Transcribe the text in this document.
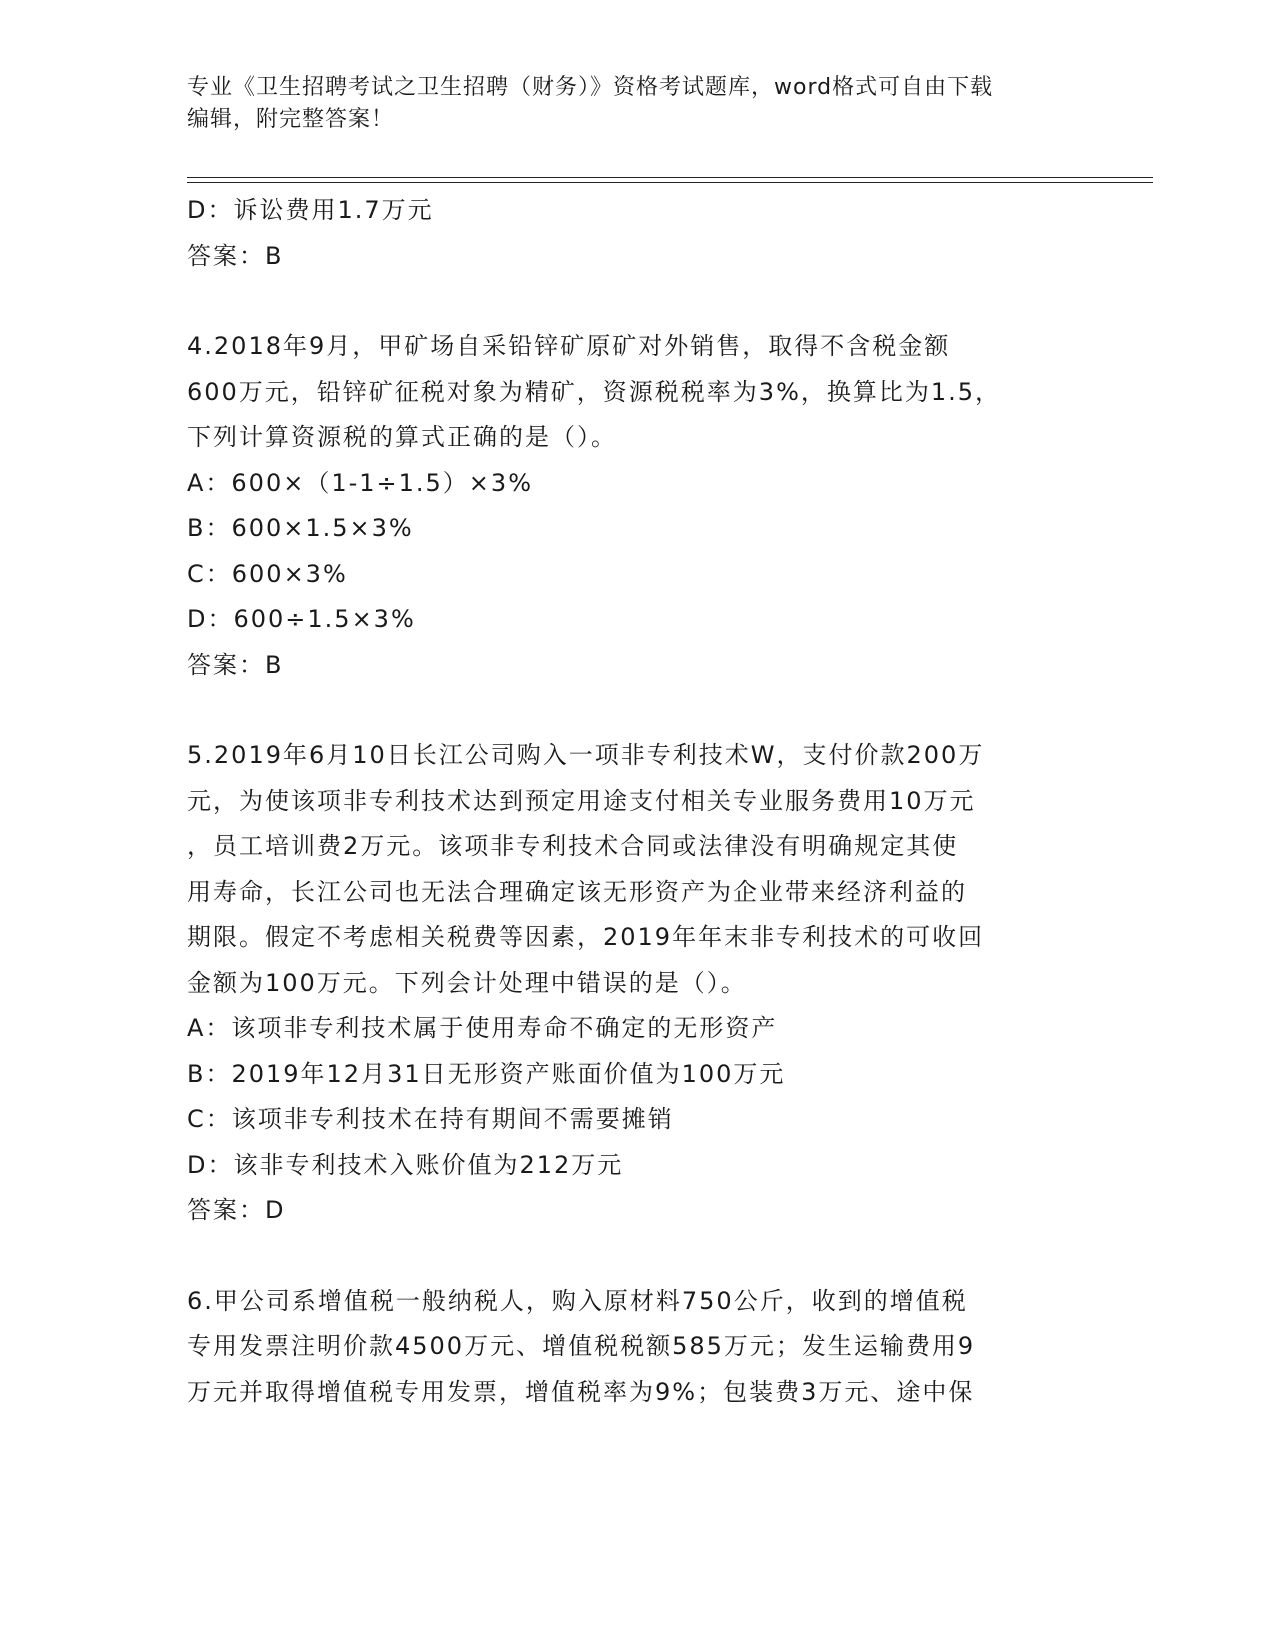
专业《卫生招聘考试之卫生招聘（财务）》资格考试题库，word格式可自由下载
编辑，附完整答案！
D：诉讼费用1.7万元
答案：B
4.2018年9月，甲矿场自采铅锌矿原矿对外销售，取得不含税金额
600万元，铅锌矿征税对象为精矿，资源税税率为3%，换算比为1.5，
下列计算资源税的算式正确的是（）。
A：600×（1-1÷1.5）×3%
B：600×1.5×3%
C：600×3%
D：600÷1.5×3%
答案：B
5.2019年6月10日长江公司购入一项非专利技术W，支付价款200万
元，为使该项非专利技术达到预定用途支付相关专业服务费用10万元
，员工培训费2万元。该项非专利技术合同或法律没有明确规定其使
用寿命，长江公司也无法合理确定该无形资产为企业带来经济利益的
期限。假定不考虑相关税费等因素，2019年年末非专利技术的可收回
金额为100万元。下列会计处理中错误的是（）。
A：该项非专利技术属于使用寿命不确定的无形资产
B：2019年12月31日无形资产账面价值为100万元
C：该项非专利技术在持有期间不需要摊销
D：该非专利技术入账价值为212万元
答案：D
6.甲公司系增值税一般纳税人，购入原材料750公斤，收到的增值税
专用发票注明价款4500万元、增值税税额585万元；发生运输费用9
万元并取得增值税专用发票，增值税率为9%；包装费3万元、途中保
